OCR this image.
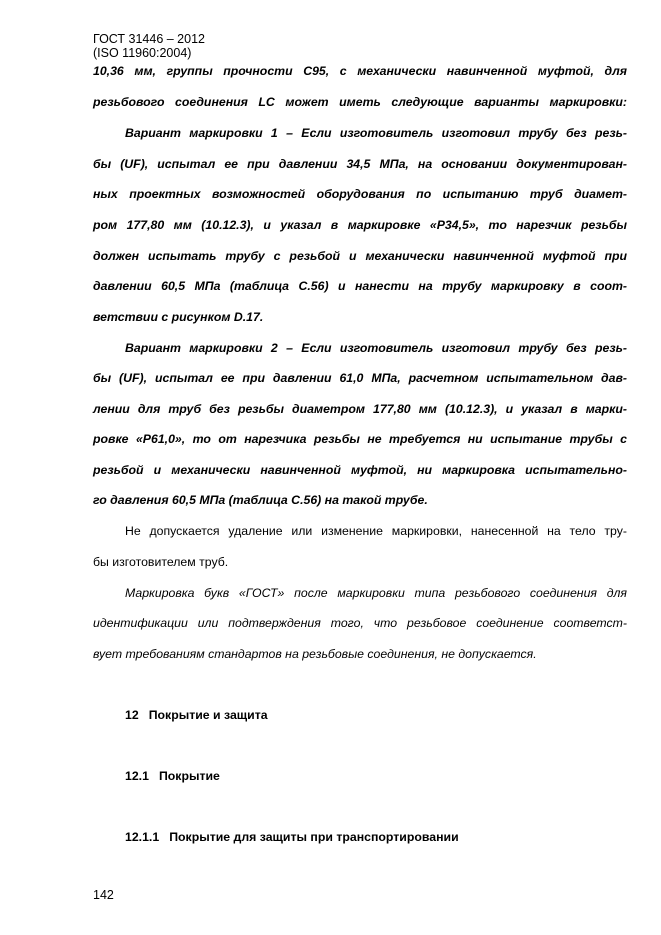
ГОСТ 31446 – 2012
(ISO 11960:2004)
10,36 мм, группы прочности С95, с механически навинченной муфтой, для
резьбового соединения LC может иметь следующие варианты маркировки:
Вариант маркировки 1 – Если изготовитель изготовил трубу без резь-
бы (UF), испытал ее при давлении 34,5 МПа, на основании документирован-
ных проектных возможностей оборудования по испытанию труб диамет-
ром 177,80 мм (10.12.3), и указал в маркировке «P34,5», то нарезчик резьбы
должен испытать трубу с резьбой и механически навинченной муфтой при
давлении 60,5 МПа (таблица С.56) и нанести на трубу маркировку в соот-
ветствии с рисунком D.17.
Вариант маркировки 2 – Если изготовитель изготовил трубу без резь-
бы (UF), испытал ее при давлении 61,0 МПа, расчетном испытательном дав-
лении для труб без резьбы диаметром 177,80 мм (10.12.3), и указал в марки-
ровке «P61,0», то от нарезчика резьбы не требуется ни испытание трубы с
резьбой и механически навинченной муфтой, ни маркировка испытательно-
го давления 60,5 МПа (таблица С.56) на такой трубе.
Не допускается удаление или изменение маркировки, нанесенной на тело тру-
бы изготовителем труб.
Маркировка букв «ГОСТ» после маркировки типа резьбового соединения для
идентификации или подтверждения того, что резьбовое соединение соответст-
вует требованиям стандартов на резьбовые соединения, не допускается.
12 Покрытие и защита
12.1 Покрытие
12.1.1 Покрытие для защиты при транспортировании
142
